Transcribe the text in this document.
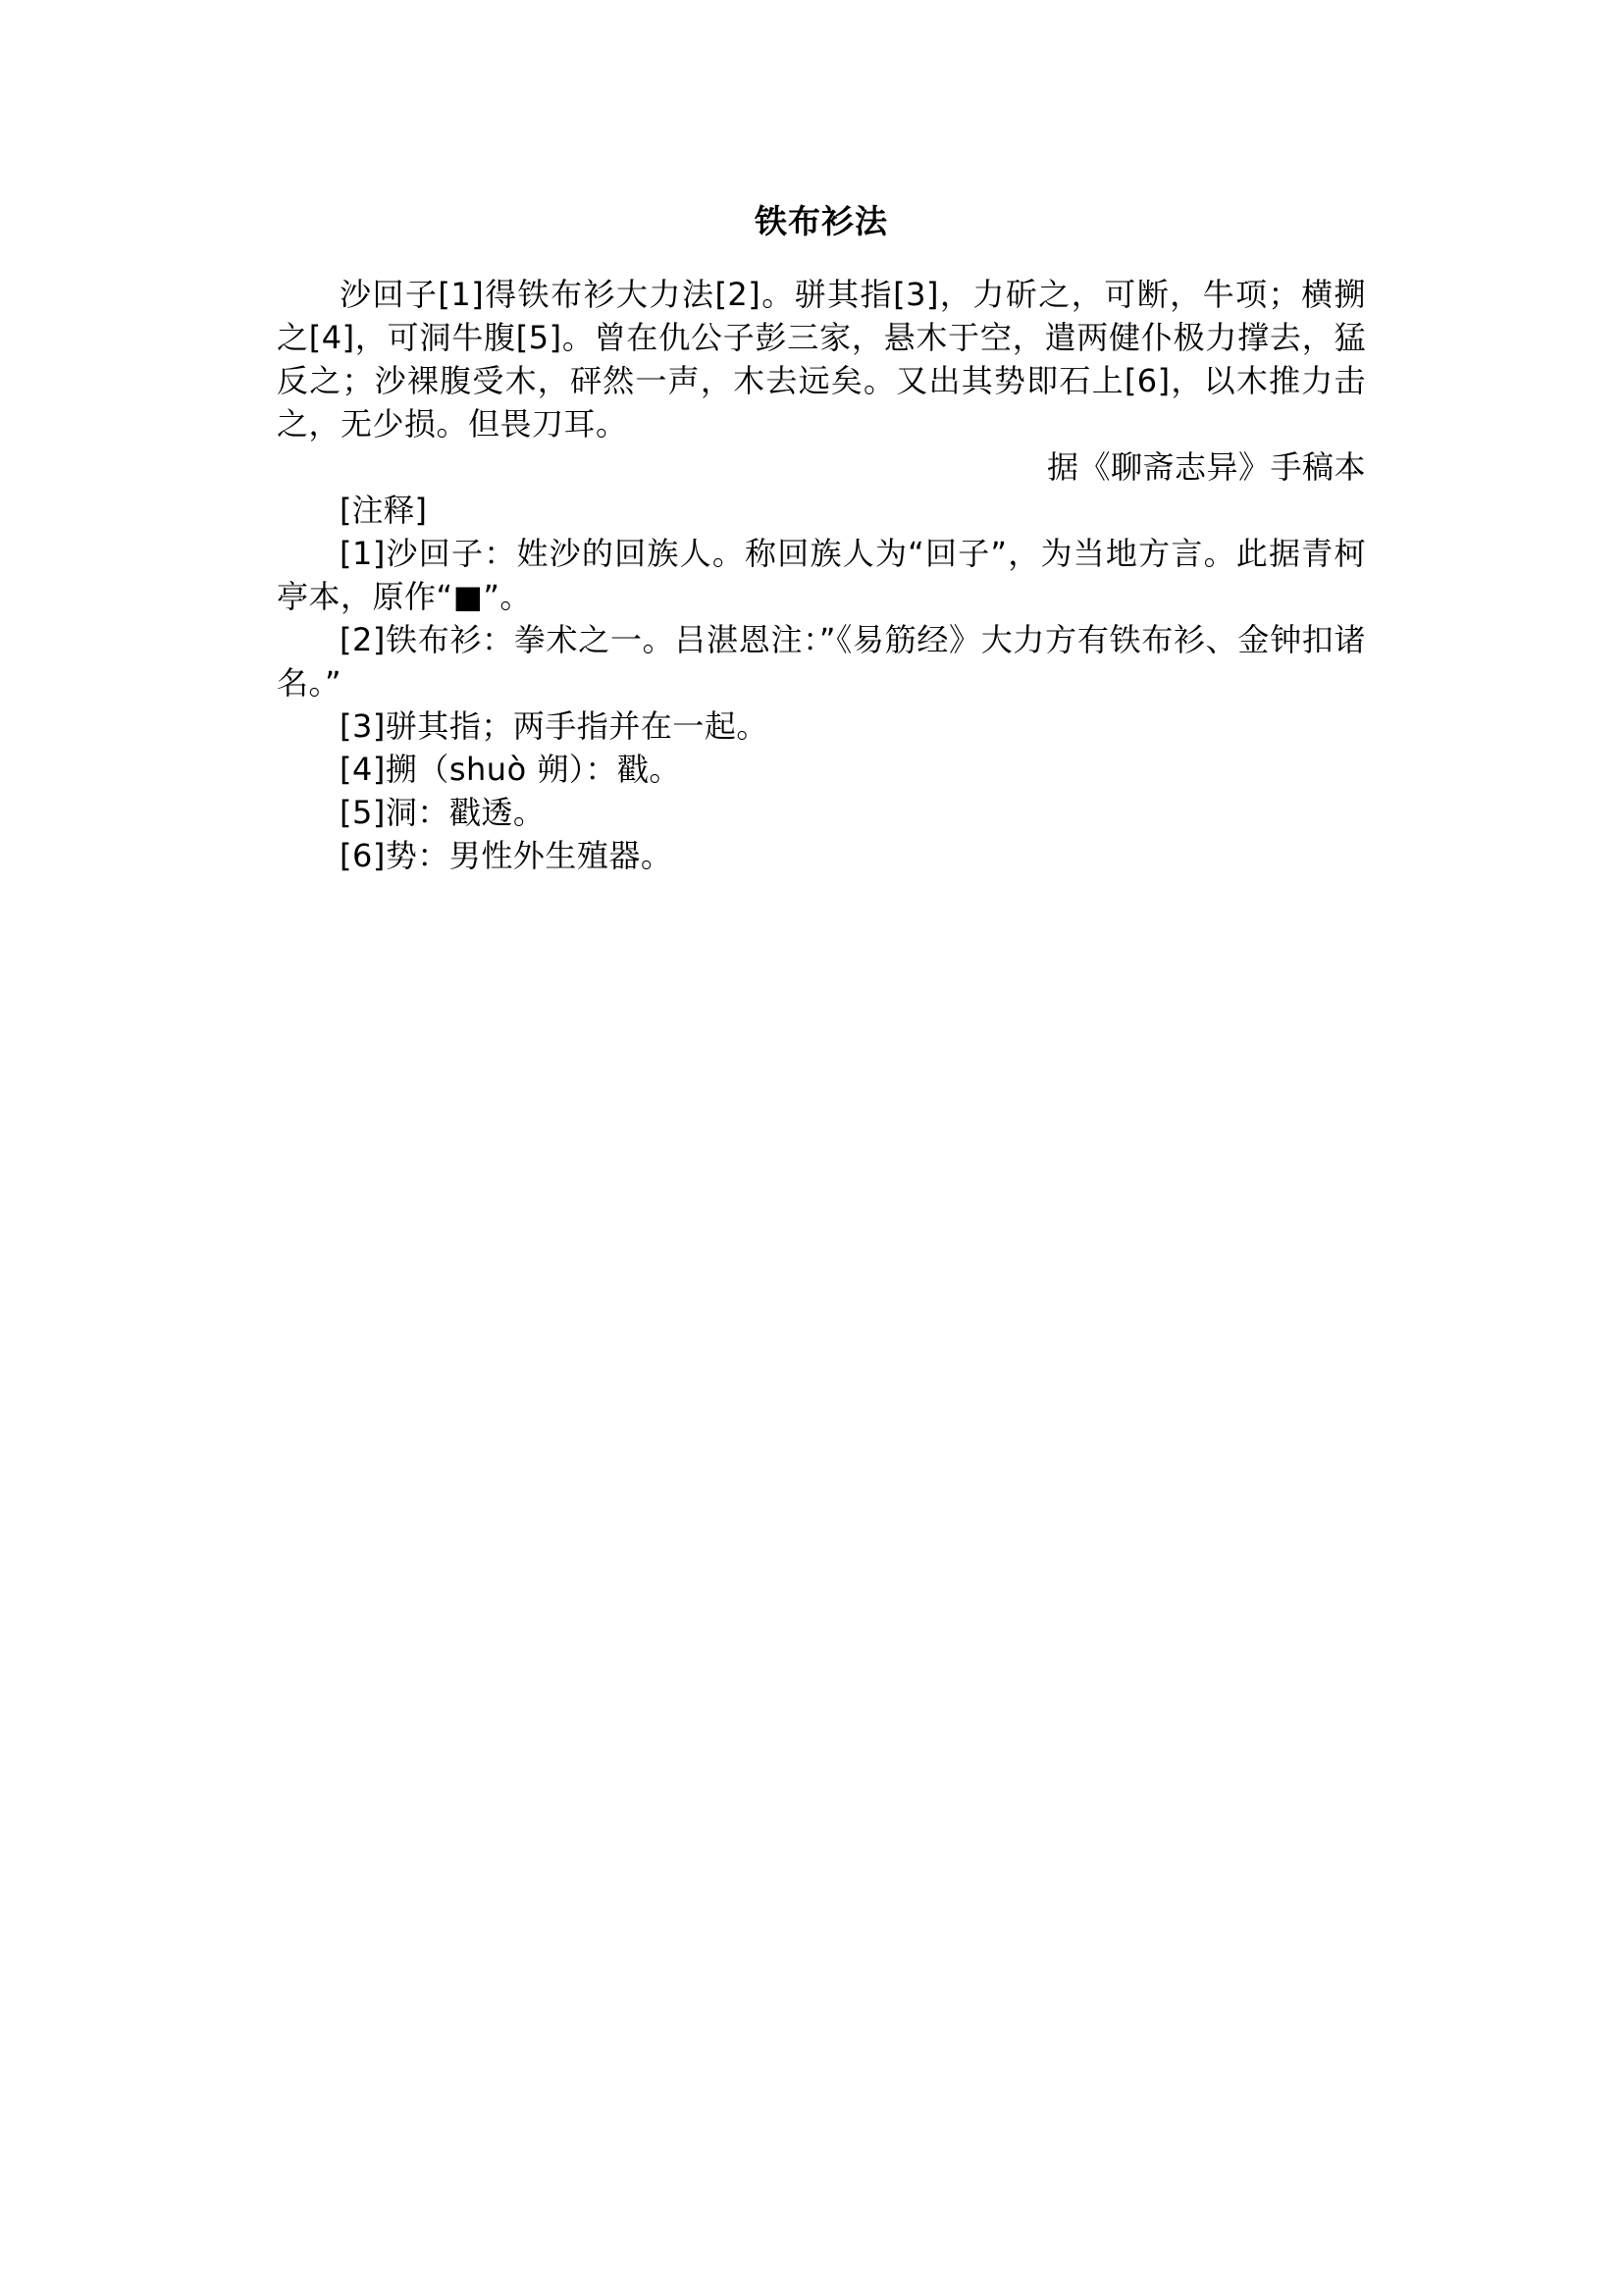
铁布衫法

沙回子[1]得铁布衫大力法[2]。骈其指[3]，力斫之，可断，牛项；横搠之[4]，可洞牛腹[5]。曾在仇公子彭三家，悬木于空，遣两健仆极力撑去，猛反之；沙裸腹受木，砰然一声，木去远矣。又出其势即石上[6]，以木推力击之，无少损。但畏刀耳。

据《聊斋志异》手稿本

[注释]

[1]沙回子：姓沙的回族人。称回族人为“回子”，为当地方言。此据青柯亭本，原作“■”。

[2]铁布衫：拳术之一。吕湛恩注：”《易筋经》大力方有铁布衫、金钟扣诸名。”

[3]骈其指；两手指并在一起。

[4]搠（shuò 朔）：戳。

[5]洞：戳透。

[6]势：男性外生殖器。
